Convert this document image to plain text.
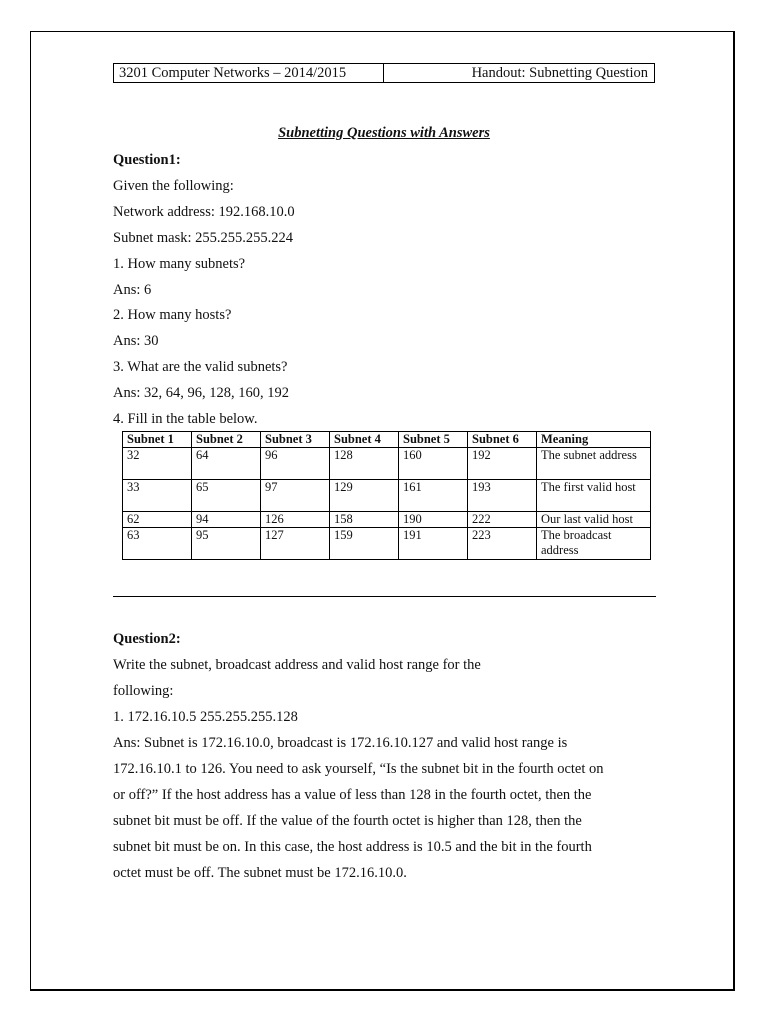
3201 Computer Networks – 2014/2015	Handout: Subnetting Question
Subnetting Questions with Answers
Question1:
Given the following:
Network address: 192.168.10.0
Subnet mask: 255.255.255.224
1. How many subnets?
Ans: 6
2. How many hosts?
Ans: 30
3. What are the valid subnets?
Ans: 32, 64, 96, 128, 160, 192
4. Fill in the table below.
Subnet 1	Subnet 2	Subnet 3	Subnet 4	Subnet 5	Subnet 6	Meaning
32	64	96	128	160	192	The subnet address
33	65	97	129	161	193	The first valid host
62	94	126	158	190	222	Our last valid host
63	95	127	159	191	223	The broadcast address
Question2:
Write the subnet, broadcast address and valid host range for the
following:
1. 172.16.10.5 255.255.255.128
Ans: Subnet is 172.16.10.0, broadcast is 172.16.10.127 and valid host range is
172.16.10.1 to 126. You need to ask yourself, “Is the subnet bit in the fourth octet on
or off?” If the host address has a value of less than 128 in the fourth octet, then the
subnet bit must be off. If the value of the fourth octet is higher than 128, then the
subnet bit must be on. In this case, the host address is 10.5 and the bit in the fourth
octet must be off. The subnet must be 172.16.10.0.
